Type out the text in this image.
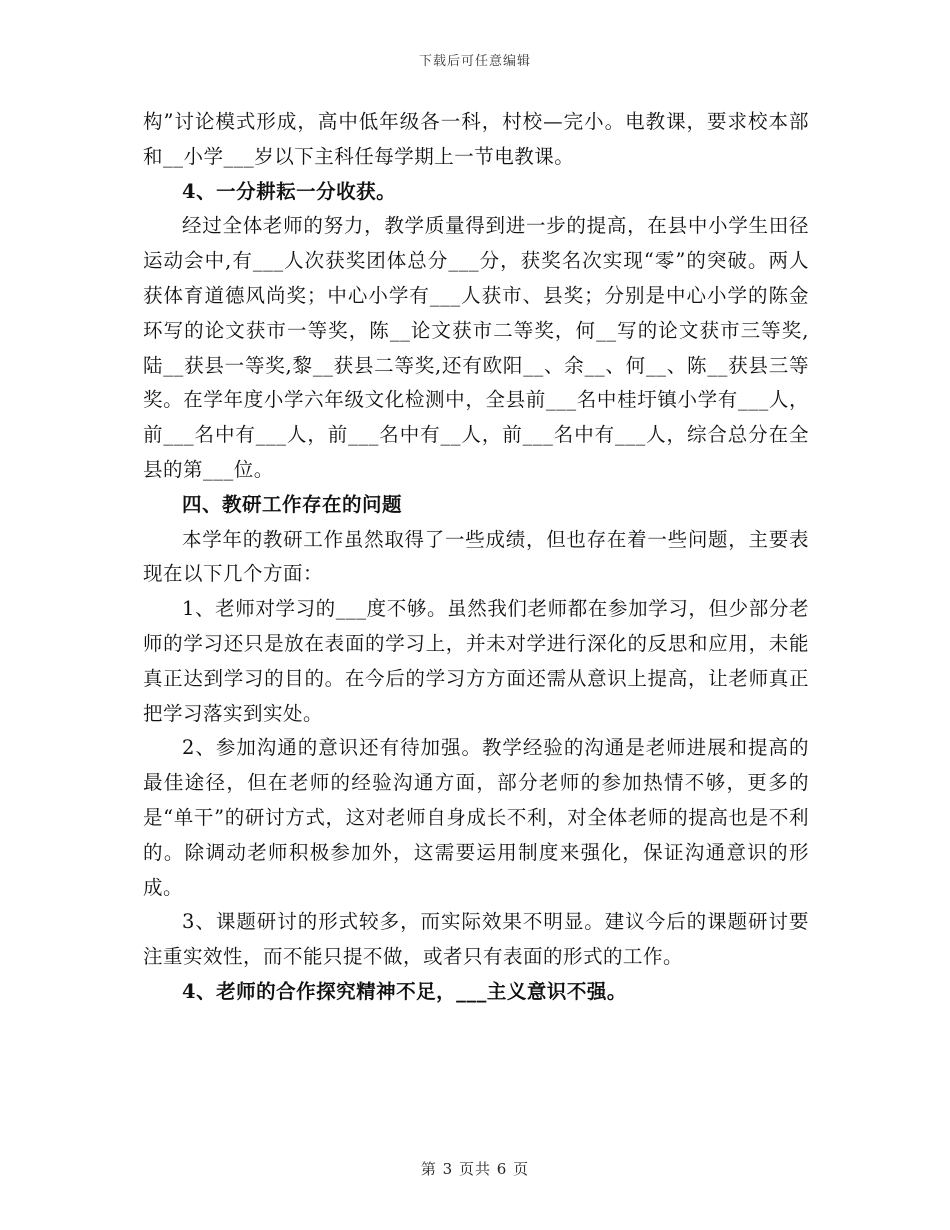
下载后可任意编辑

构”讨论模式形成，高中低年级各一科，村校—完小。电教课，要求校本部和__小学___岁以下主科任每学期上一节电教课。

4、一分耕耘一分收获。

经过全体老师的努力，教学质量得到进一步的提高，在县中小学生田径运动会中,有___人次获奖团体总分___分，获奖名次实现“零”的突破。两人获体育道德风尚奖；中心小学有___人获市、县奖；分别是中心小学的陈金环写的论文获市一等奖，陈__论文获市二等奖，何__写的论文获市三等奖,陆__获县一等奖,黎__获县二等奖,还有欧阳__、余__、何__、陈__获县三等奖。在学年度小学六年级文化检测中，全县前___名中桂圩镇小学有___人，前___名中有___人，前___名中有__人，前___名中有___人，综合总分在全县的第___位。

四、教研工作存在的问题

本学年的教研工作虽然取得了一些成绩，但也存在着一些问题，主要表现在以下几个方面：

1、老师对学习的___度不够。虽然我们老师都在参加学习，但少部分老师的学习还只是放在表面的学习上，并未对学进行深化的反思和应用，未能真正达到学习的目的。在今后的学习方方面还需从意识上提高，让老师真正把学习落实到实处。

2、参加沟通的意识还有待加强。教学经验的沟通是老师进展和提高的最佳途径，但在老师的经验沟通方面，部分老师的参加热情不够，更多的是“单干”的研讨方式，这对老师自身成长不利，对全体老师的提高也是不利的。除调动老师积极参加外，这需要运用制度来强化，保证沟通意识的形成。

3、课题研讨的形式较多，而实际效果不明显。建议今后的课题研讨要注重实效性，而不能只提不做，或者只有表面的形式的工作。

4、老师的合作探究精神不足，___主义意识不强。

第 3 页共 6 页
